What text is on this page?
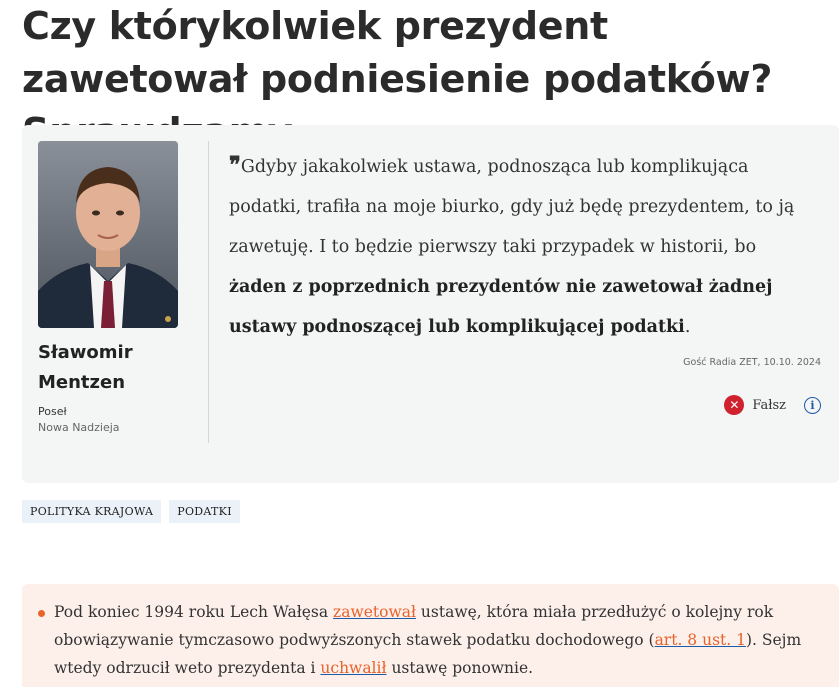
Czy którykolwiek prezydent zawetował podniesienie podatków?
Sławomir Mentzen
Poseł
Nowa Nadzieja
❞Gdyby jakakolwiek ustawa, podnosząca lub komplikująca podatki, trafiła na moje biurko, gdy już będę prezydentem, to ją zawetuję. I to będzie pierwszy taki przypadek w historii, bo żaden z poprzednich prezydentów nie zawetował żadnej ustawy podnoszącej lub komplikującej podatki.
Gość Radia ZET, 10.10. 2024
✕ Fałsz	i
POLITYKA KRAJOWA	PODATKI

Pod koniec 1994 roku Lech Wałęsa zawetował ustawę, która miała przedłużyć o kolejny rok obowiązywanie tymczasowo podwyższonych stawek podatku dochodowego (art. 8 ust. 1). Sejm wtedy odrzucił weto prezydenta i uchwalił ustawę ponownie.
